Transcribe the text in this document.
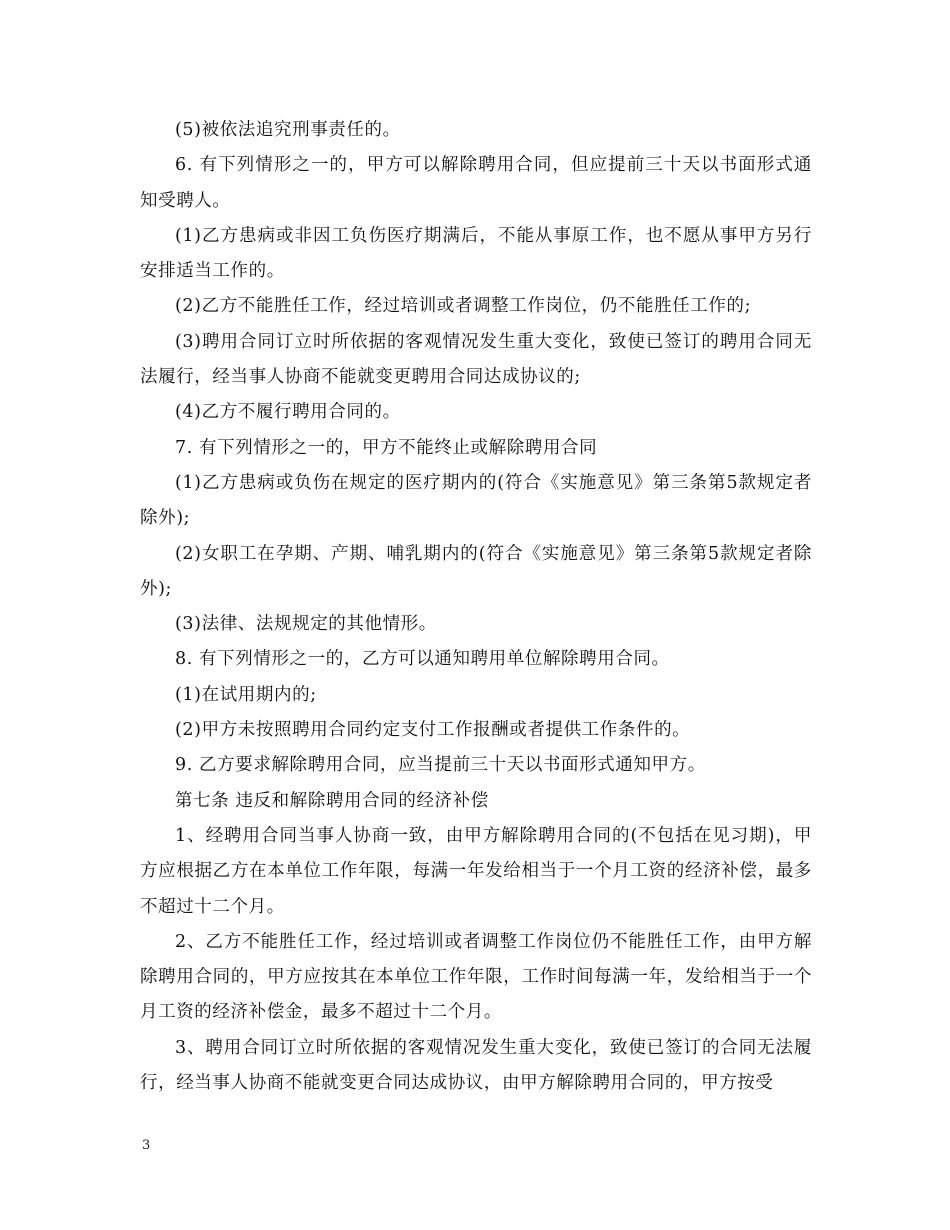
(5)被依法追究刑事责任的。

6. 有下列情形之一的，甲方可以解除聘用合同，但应提前三十天以书面形式通知受聘人。

(1)乙方患病或非因工负伤医疗期满后，不能从事原工作，也不愿从事甲方另行安排适当工作的。

(2)乙方不能胜任工作，经过培训或者调整工作岗位，仍不能胜任工作的;

(3)聘用合同订立时所依据的客观情况发生重大变化，致使已签订的聘用合同无法履行，经当事人协商不能就变更聘用合同达成协议的;

(4)乙方不履行聘用合同的。

7. 有下列情形之一的，甲方不能终止或解除聘用合同

(1)乙方患病或负伤在规定的医疗期内的(符合《实施意见》第三条第5款规定者除外);

(2)女职工在孕期、产期、哺乳期内的(符合《实施意见》第三条第5款规定者除外);

(3)法律、法规规定的其他情形。

8. 有下列情形之一的，乙方可以通知聘用单位解除聘用合同。

(1)在试用期内的;

(2)甲方未按照聘用合同约定支付工作报酬或者提供工作条件的。

9. 乙方要求解除聘用合同，应当提前三十天以书面形式通知甲方。

第七条 违反和解除聘用合同的经济补偿

1、经聘用合同当事人协商一致，由甲方解除聘用合同的(不包括在见习期)，甲方应根据乙方在本单位工作年限，每满一年发给相当于一个月工资的经济补偿，最多不超过十二个月。

2、乙方不能胜任工作，经过培训或者调整工作岗位仍不能胜任工作，由甲方解除聘用合同的，甲方应按其在本单位工作年限，工作时间每满一年，发给相当于一个月工资的经济补偿金，最多不超过十二个月。

3、聘用合同订立时所依据的客观情况发生重大变化，致使已签订的合同无法履行，经当事人协商不能就变更合同达成协议，由甲方解除聘用合同的，甲方按受

3
